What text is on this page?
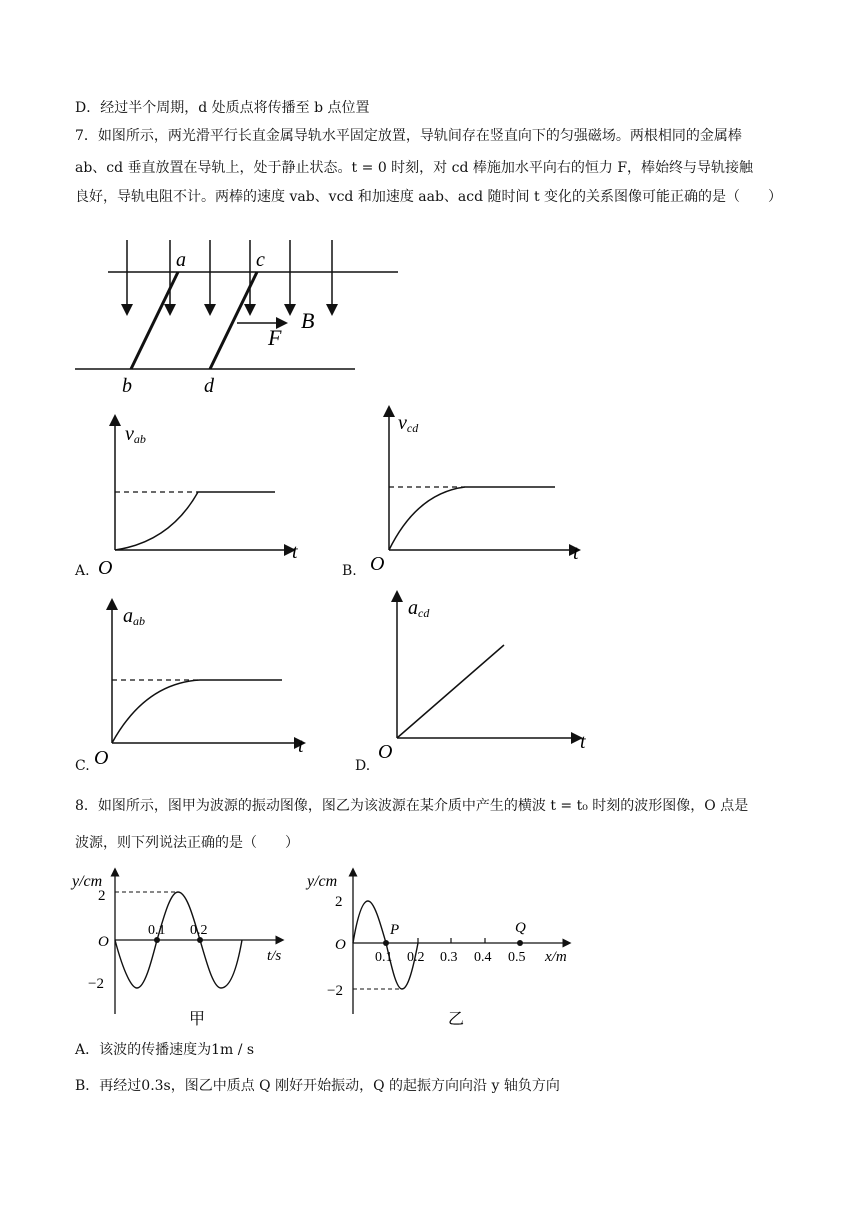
D．经过半个周期，d 处质点将传播至 b 点位置
7．如图所示，两光滑平行长直金属导轨水平固定放置，导轨间存在竖直向下的匀强磁场。两根相同的金属棒
ab、cd 垂直放置在导轨上，处于静止状态。t = 0 时刻，对 cd 棒施加水平向右的恒力 F，棒始终与导轨接触
良好，导轨电阻不计。两棒的速度 vab、vcd 和加速度 aab、acd 随时间 t 变化的关系图像可能正确的是（　　）
a	c
b	d
F
B
vab
O
t
A.
vcd
O	t
B.
aab
O
t
C.
acd
O	t
D.
8．如图所示，图甲为波源的振动图像，图乙为该波源在某介质中产生的横波 t = t₀ 时刻的波形图像，O 点是
波源，则下列说法正确的是（　　）
y/cm
2
−2
O
0.1 0.2
t/s
甲
y/cm
2
−2
O
P	Q
0.1 0.2 0.3 0.4 0.5 x/m
乙
A．该波的传播速度为1m / s
B．再经过0.3s，图乙中质点 Q 刚好开始振动，Q 的起振方向向沿 y 轴负方向
